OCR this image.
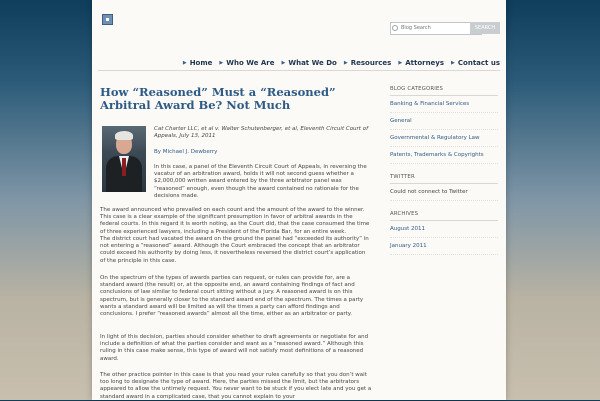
▪
Blog Search
SEARCH
▶ Home ▶ Who We Are ▶ What We Do ▶ Resources ▶ Attorneys ▶ Contact us
How “Reasoned” Must a “Reasoned” Arbitral Award Be? Not Much

Cat Charter LLC, et al v. Walter Schutenberger, et al, Eleventh Circuit Court of Appeals, July 13, 2011

By Michael J. Dewberry

In this case, a panel of the Eleventh Circuit Court of Appeals, in reversing the vacatur of an arbitration award, holds it will not second guess whether a $2,000,000 written award entered by the three arbitrator panel was “reasoned” enough, even though the award contained no rationale for the decisions made.

The award announced who prevailed on each count and the amount of the award to the winner. This case is a clear example of the significant presumption in favor of arbitral awards in the federal courts. In this regard it is worth noting, as the Court did, that the case consumed the time of three experienced lawyers, including a President of the Florida Bar, for an entire week.

The district court had vacated the award on the ground the panel had “exceeded its authority” in not entering a “reasoned” award. Although the Court embraced the concept that an arbitrator could exceed his authority by doing less, it nevertheless reversed the district court’s application of the principle in this case.

On the spectrum of the types of awards parties can request, or rules can provide for, are a standard award (the result) or, at the opposite end, an award containing findings of fact and conclusions of law similar to federal court sitting without a jury. A reasoned award is on this spectrum, but is generally closer to the standard award end of the spectrum. The times a party wants a standard award will be limited as will the times a party can afford findings and conclusions. I prefer “reasoned awards” almost all the time, either as an arbitrator or party.

In light of this decision, parties should consider whether to draft agreements or negotiate for and include a definition of what the parties consider and want as a “reasoned award.” Although this ruling in this case make sense, this type of award will not satisfy most definitions of a reasoned award.

The other practice pointer in this case is that you read your rules carefully so that you don’t wait too long to designate the type of award. Here, the parties missed the limit, but the arbitrators appeared to allow the untimely request. You never want to be stuck if you elect late and you get a standard award in a complicated case, that you cannot explain to your

BLOG CATEGORIES
Banking & Financial Services
General
Governmental & Regulatory Law
Patents, Trademarks & Copyrights
TWITTER
Could not connect to Twitter
ARCHIVES
August 2011
January 2011
